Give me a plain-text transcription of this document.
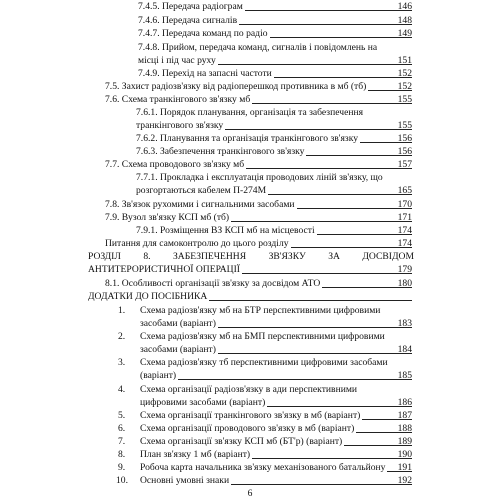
7.4.5. Передача радіограм	146
7.4.6. Передача сигналів	148
7.4.7. Передача команд по радіо	149
7.4.8. Прийом, передача команд, сигналів і повідомлень на
місці і під час руху	151
7.4.9. Перехід на запасні частоти	152
7.5. Захист радіозв'язку від радіоперешкод противника в мб (тб)	152
7.6. Схема транкінгового зв'язку мб	155
7.6.1. Порядок планування, організація та забезпечення
транкінгового зв'язку	155
7.6.2. Планування та організація транкінгового зв'язку	156
7.6.3. Забезпечення транкінгового зв'язку	156
7.7. Схема проводового зв'язку мб	157
7.7.1. Прокладка і експлуатація проводових ліній зв'язку, що
розгортаються кабелем П-274М	165
7.8. Зв'язок рухомими і сигнальними засобами	170
7.9. Вузол зв'язку КСП мб (тб)	171
7.9.1. Розміщення ВЗ КСП мб на місцевості	174
Питання для самоконтролю до цього розділу	174
РОЗДІЛ 8. ЗАБЕЗПЕЧЕННЯ ЗВ'ЯЗКУ ЗА ДОСВІДОМ
АНТИТЕРОРИСТИЧНОЇ ОПЕРАЦІЇ	179
8.1. Особливості організації зв'язку за досвідом АТО	180
ДОДАТКИ ДО ПОСІБНИКА
1. Схема радіозв'язку мб на БТР перспективними цифровими
засобами (варіант)	183
2. Схема радіозв'язку мб на БМП перспективними цифровими
засобами (варіант)	184
3. Схема радіозв'язку тб перспективними цифровими засобами
(варіант)	185
4. Схема організації радіозв'язку в ади перспективними
цифровими засобами (варіант)	186
5. Схема організації транкінгового зв'язку в мб (варіант)	187
6. Схема організації проводового зв'язку в мб (варіант)	188
7. Схема організації зв'язку КСП мб (БТ'р) (варіант)	189
8. План зв'язку 1 мб (варіант)	190
9. Робоча карта начальника зв'язку механізованого батальйону	191
10. Основні умовні знаки	192
6
